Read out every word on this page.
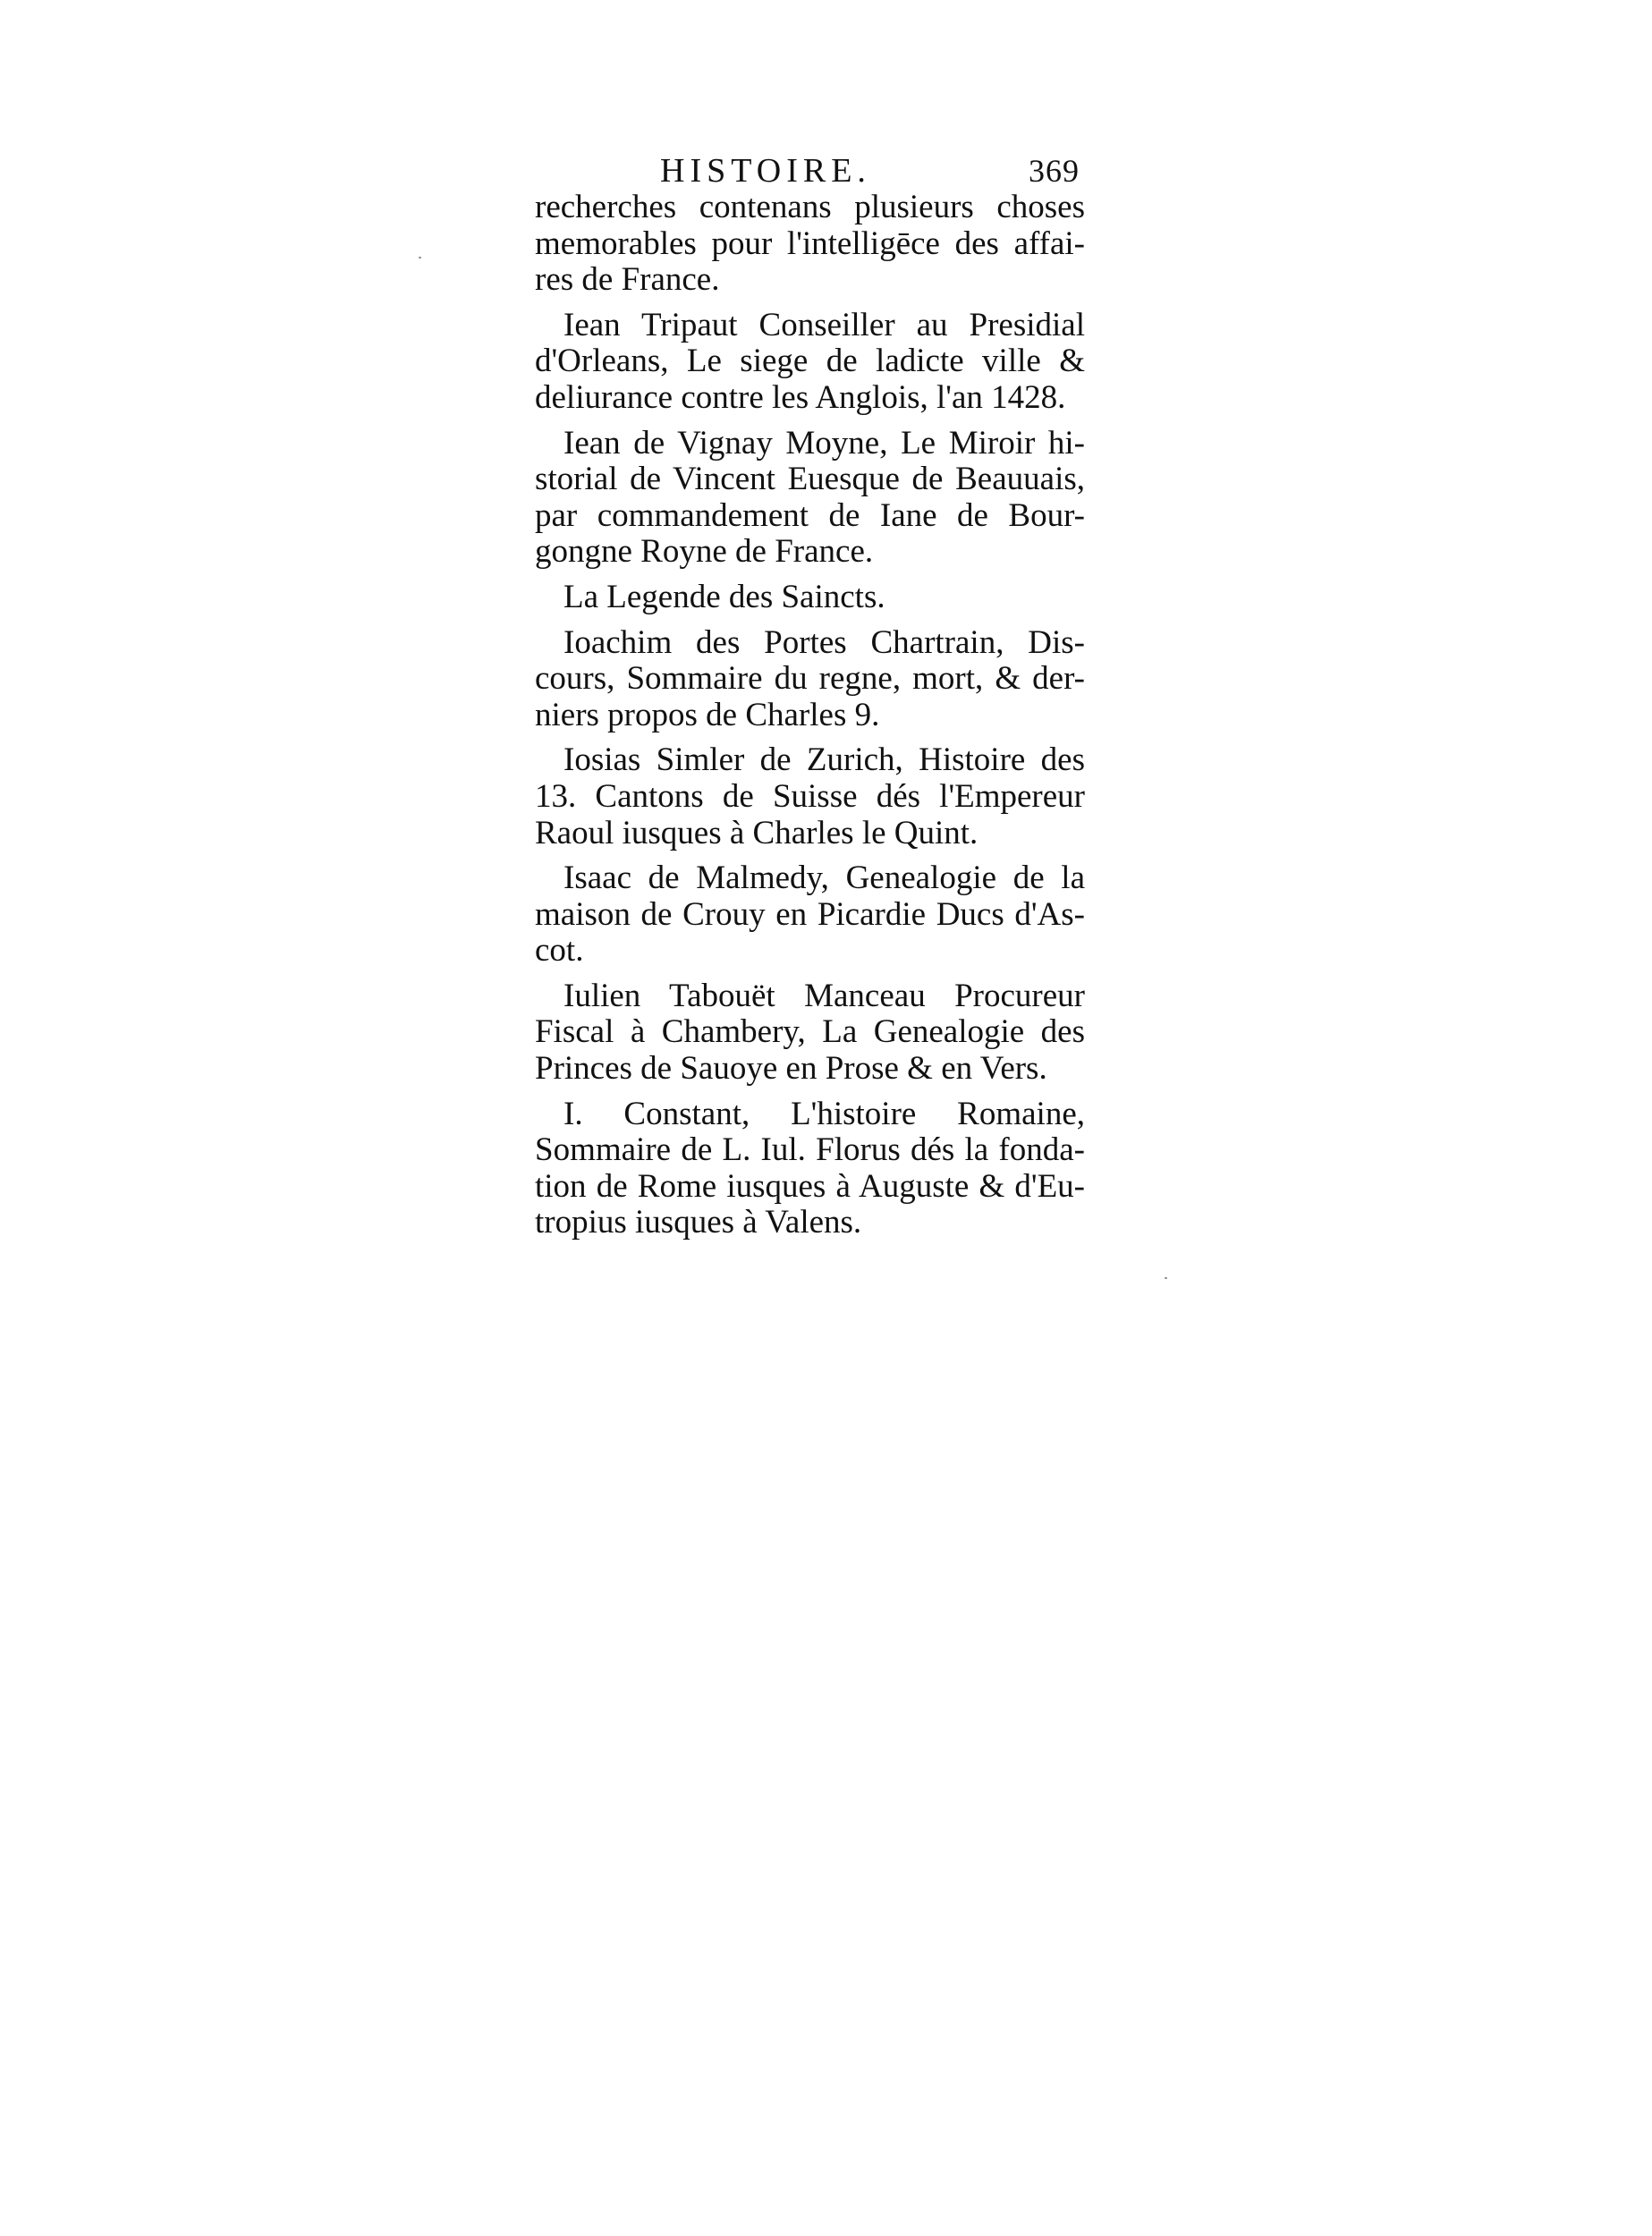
HISTOIRE.	369
recherches contenans plusieurs choses
memorables pour l'intelligēce des affai-
res de France.
Iean Tripaut Conseiller au Presidial
d'Orleans, Le siege de ladicte ville &
deliurance contre les Anglois, l'an 1428.
Iean de Vignay Moyne, Le Miroir hi-
storial de Vincent Euesque de Beauuais,
par commandement de Iane de Bour-
gongne Royne de France.
La Legende des Saincts.
Ioachim des Portes Chartrain, Dis-
cours, Sommaire du regne, mort, & der-
niers propos de Charles 9.
Iosias Simler de Zurich, Histoire des
13. Cantons de Suisse dés l'Empereur
Raoul iusques à Charles le Quint.
Isaac de Malmedy, Genealogie de la
maison de Crouy en Picardie Ducs d'As-
cot.
Iulien Tabouët Manceau Procureur
Fiscal à Chambery, La Genealogie des
Princes de Sauoye en Prose & en Vers.
I. Constant, L'histoire Romaine,
Sommaire de L. Iul. Florus dés la fonda-
tion de Rome iusques à Auguste & d'Eu-
tropius iusques à Valens.
